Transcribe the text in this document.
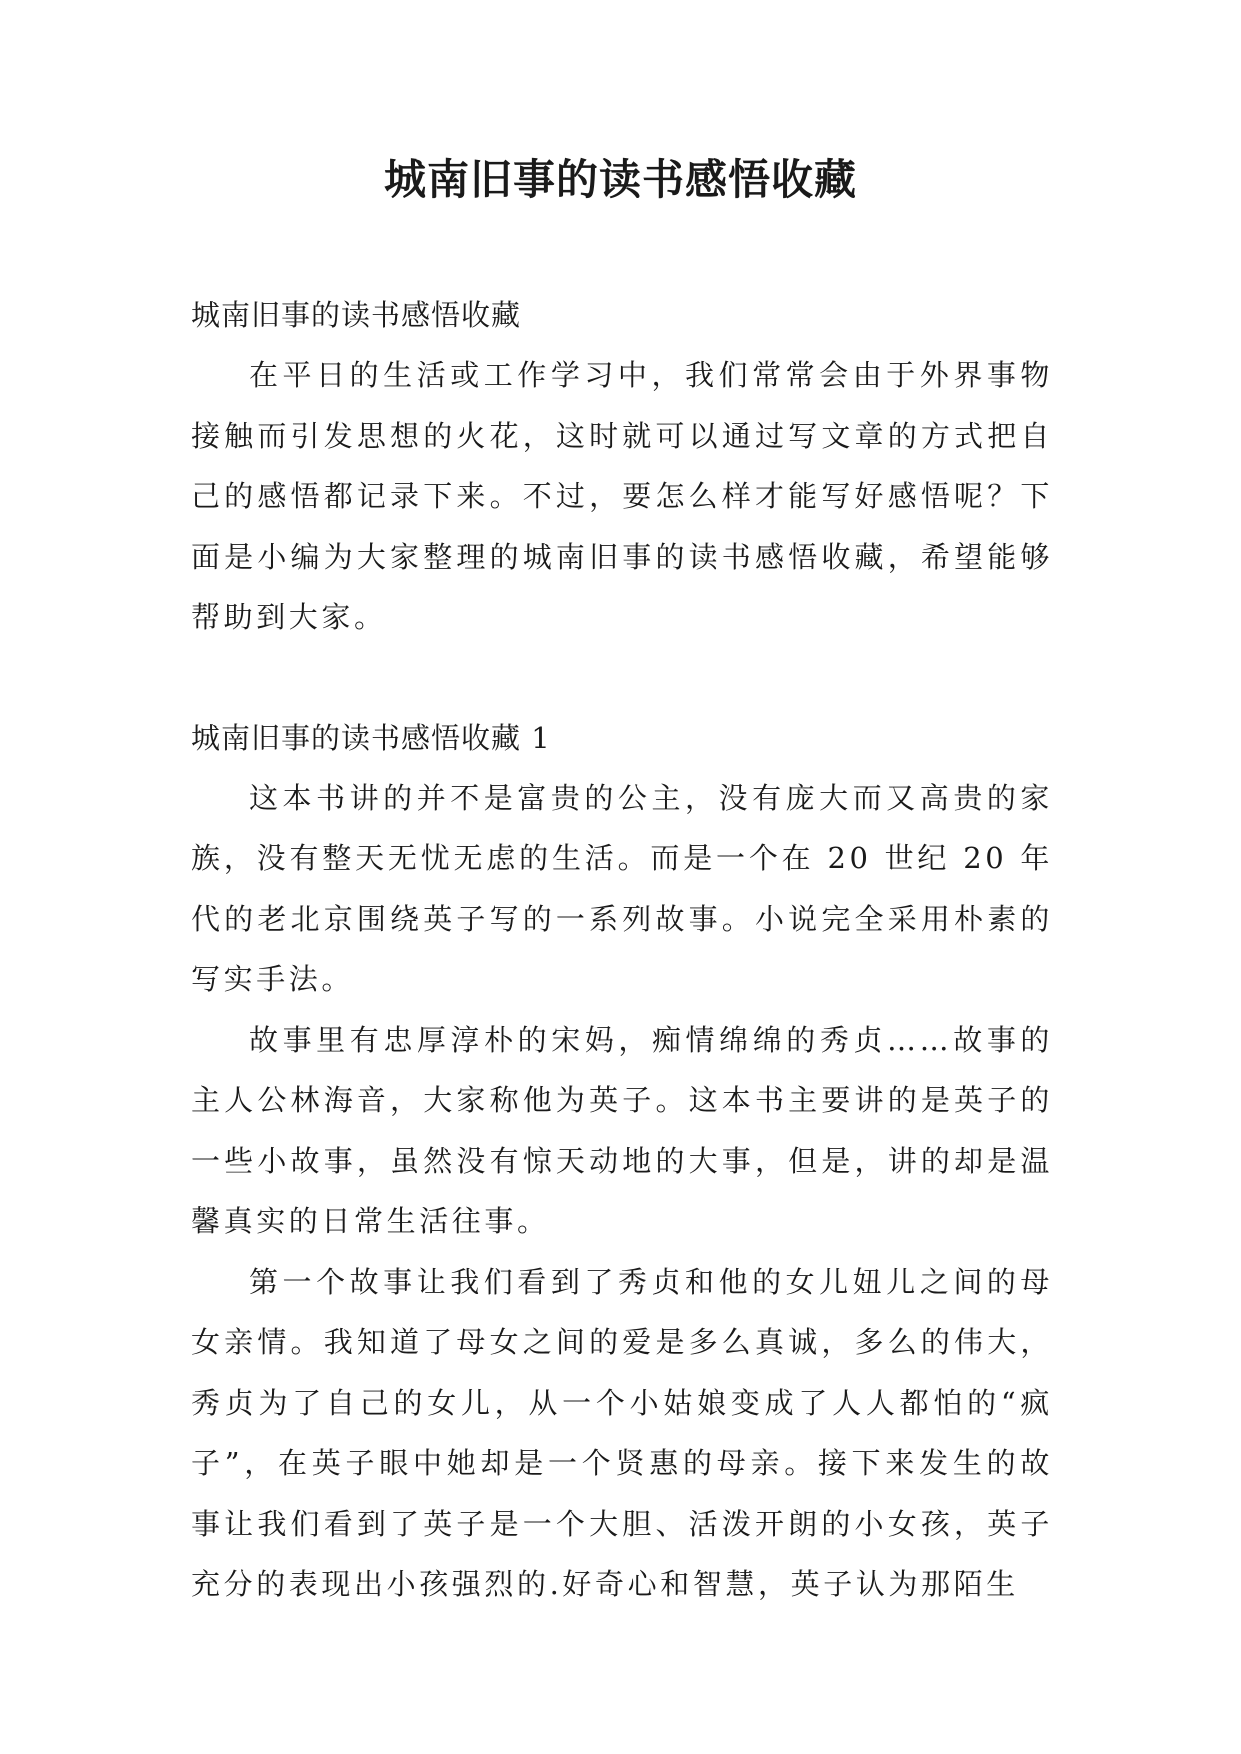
城南旧事的读书感悟收藏

城南旧事的读书感悟收藏

在平日的生活或工作学习中，我们常常会由于外界事物接触而引发思想的火花，这时就可以通过写文章的方式把自己的感悟都记录下来。不过，要怎么样才能写好感悟呢？下面是小编为大家整理的城南旧事的读书感悟收藏，希望能够帮助到大家。

城南旧事的读书感悟收藏 1

这本书讲的并不是富贵的公主，没有庞大而又高贵的家族，没有整天无忧无虑的生活。而是一个在 20 世纪 20 年代的老北京围绕英子写的一系列故事。小说完全采用朴素的写实手法。

故事里有忠厚淳朴的宋妈，痴情绵绵的秀贞……故事的主人公林海音，大家称他为英子。这本书主要讲的是英子的一些小故事，虽然没有惊天动地的大事，但是，讲的却是温馨真实的日常生活往事。

第一个故事让我们看到了秀贞和他的女儿妞儿之间的母女亲情。我知道了母女之间的爱是多么真诚，多么的伟大，秀贞为了自己的女儿，从一个小姑娘变成了人人都怕的“疯子”，在英子眼中她却是一个贤惠的母亲。接下来发生的故事让我们看到了英子是一个大胆、活泼开朗的小女孩，英子充分的表现出小孩强烈的.好奇心和智慧，英子认为那陌生
